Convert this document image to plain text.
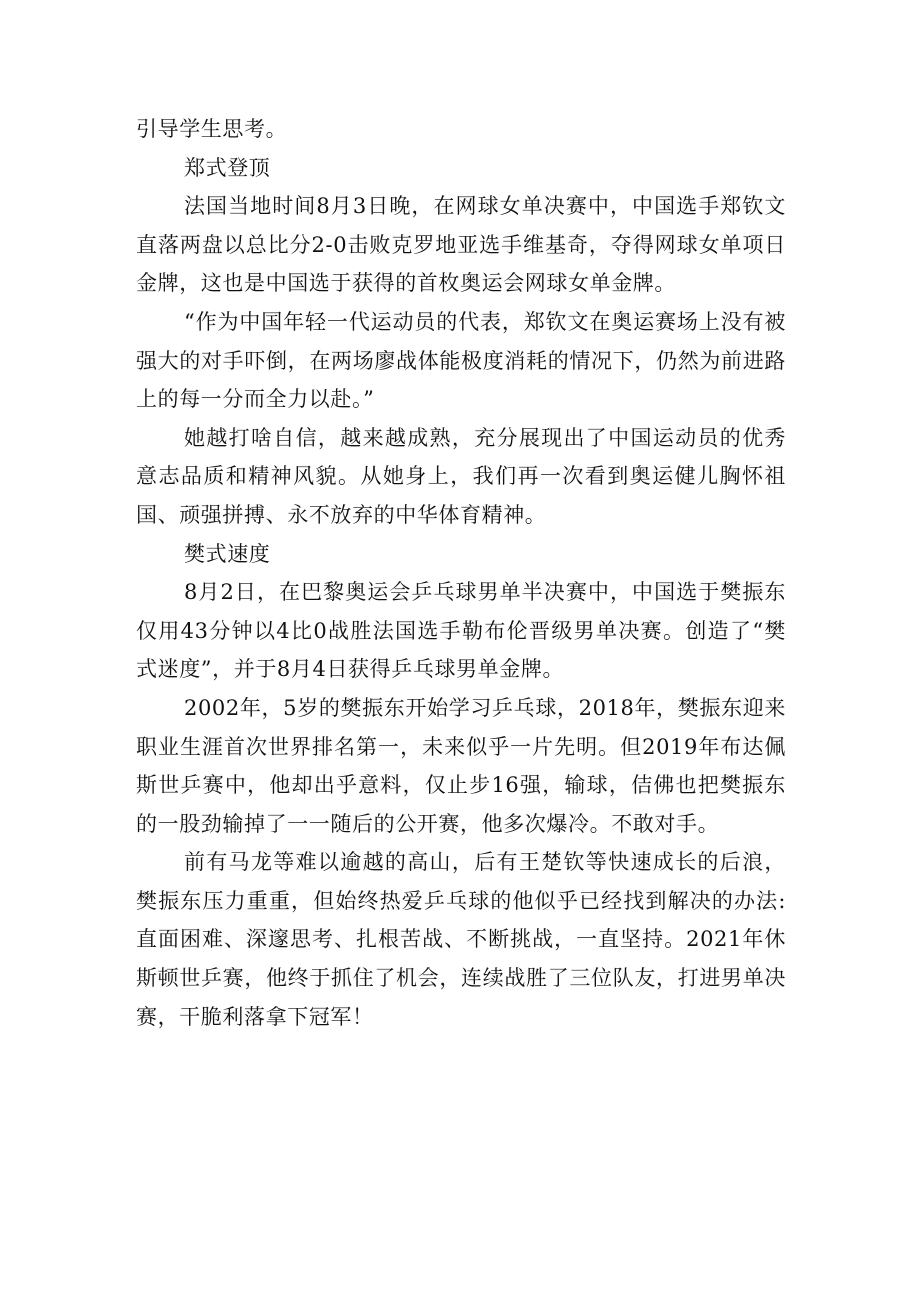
引导学生思考。

郑式登顶

法国当地时间8月3日晚，在网球女单决赛中，中国选手郑钦文直落两盘以总比分2-0击败克罗地亚选手维基奇，夺得网球女单项日金牌，这也是中国选于获得的首枚奥运会网球女单金牌。

“作为中国年轻一代运动员的代表，郑钦文在奥运赛场上没有被强大的对手吓倒，在两场廖战体能极度消耗的情况下，仍然为前进路上的每一分而全力以赴。”

她越打啥自信，越来越成熟，充分展现出了中国运动员的优秀意志品质和精神风貌。从她身上，我们再一次看到奥运健儿胸怀祖国、顽强拼搏、永不放弃的中华体育精神。

樊式速度

8月2日，在巴黎奥运会乒乓球男单半决赛中，中国选于樊振东仅用43分钟以4比0战胜法国选手勒布伦晋级男单决赛。创造了“樊式迷度”，并于8月4日获得乒乓球男单金牌。

2002年，5岁的樊振东开始学习乒乓球，2018年，樊振东迎来职业生涯首次世界排名第一，未来似乎一片先明。但2019年布达佩斯世乒赛中，他却出乎意料，仅止步16强，输球，佶佛也把樊振东的一股劲输掉了一一随后的公开赛，他多次爆冷。不敢对手。

前有马龙等难以逾越的高山，后有王楚钦等快速成长的后浪，樊振东压力重重，但始终热爱乒乓球的他似乎已经找到解决的办法:直面困难、深邃思考、扎根苦战、不断挑战，一直坚持。2021年休斯顿世乒赛，他终于抓住了机会，连续战胜了三位队友，打进男单决赛，干脆利落拿下冠军！
